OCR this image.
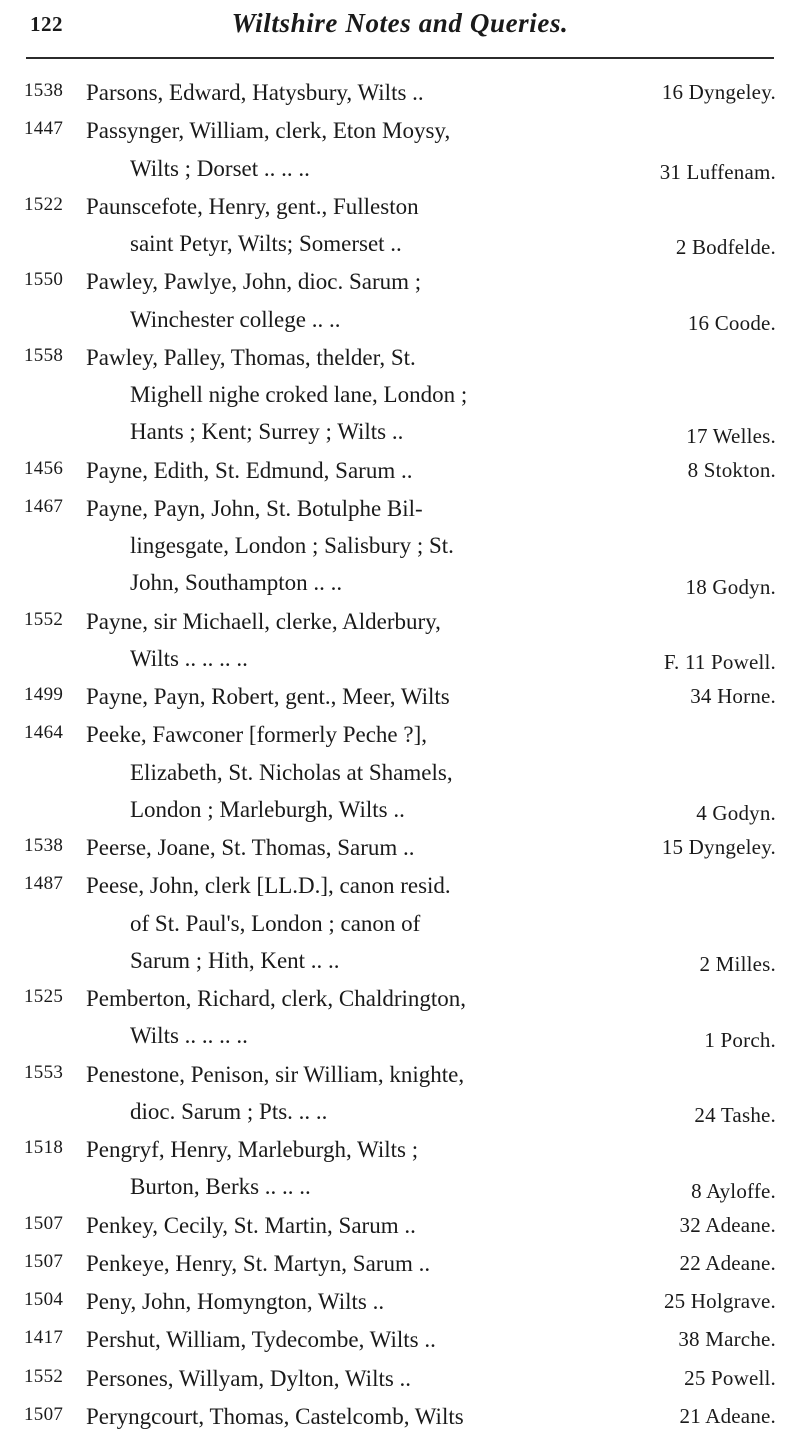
122	Wiltshire Notes and Queries.
1538 Parsons, Edward, Hatysbury, Wilts ..	16 Dyngeley.
1447 Passynger, William, clerk, Eton Moysy,
Wilts ; Dorset .. .. ..	31 Luffenam.
1522 Paunscefote, Henry, gent., Fulleston
saint Petyr, Wilts; Somerset ..	2 Bodfelde.
1550 Pawley, Pawlye, John, dioc. Sarum ;
Winchester college .. ..	16 Coode.
1558 Pawley, Palley, Thomas, thelder, St.
Mighell nighe croked lane, London ;
Hants ; Kent; Surrey ; Wilts ..	17 Welles.
1456 Payne, Edith, St. Edmund, Sarum ..	8 Stokton.
1467 Payne, Payn, John, St. Botulphe Bil-
lingesgate, London ; Salisbury ; St.
John, Southampton .. ..	18 Godyn.
1552 Payne, sir Michaell, clerke, Alderbury,
Wilts .. .. .. ..	F. 11 Powell.
1499 Payne, Payn, Robert, gent., Meer, Wilts	34 Horne.
1464 Peeke, Fawconer [formerly Peche ?],
Elizabeth, St. Nicholas at Shamels,
London ; Marleburgh, Wilts ..	4 Godyn.
1538 Peerse, Joane, St. Thomas, Sarum ..	15 Dyngeley.
1487 Peese, John, clerk [LL.D.], canon resid.
of St. Paul's, London ; canon of
Sarum ; Hith, Kent .. ..	2 Milles.
1525 Pemberton, Richard, clerk, Chaldrington,
Wilts .. .. .. ..	1 Porch.
1553 Penestone, Penison, sir William, knighte,
dioc. Sarum ; Pts. .. ..	24 Tashe.
1518 Pengryf, Henry, Marleburgh, Wilts ;
Burton, Berks .. .. ..	8 Ayloffe.
1507 Penkey, Cecily, St. Martin, Sarum ..	32 Adeane.
1507 Penkeye, Henry, St. Martyn, Sarum ..	22 Adeane.
1504 Peny, John, Homyngton, Wilts ..	25 Holgrave.
1417 Pershut, William, Tydecombe, Wilts ..	38 Marche.
1552 Persones, Willyam, Dylton, Wilts ..	25 Powell.
1507 Peryngcourt, Thomas, Castelcomb, Wilts	21 Adeane.
